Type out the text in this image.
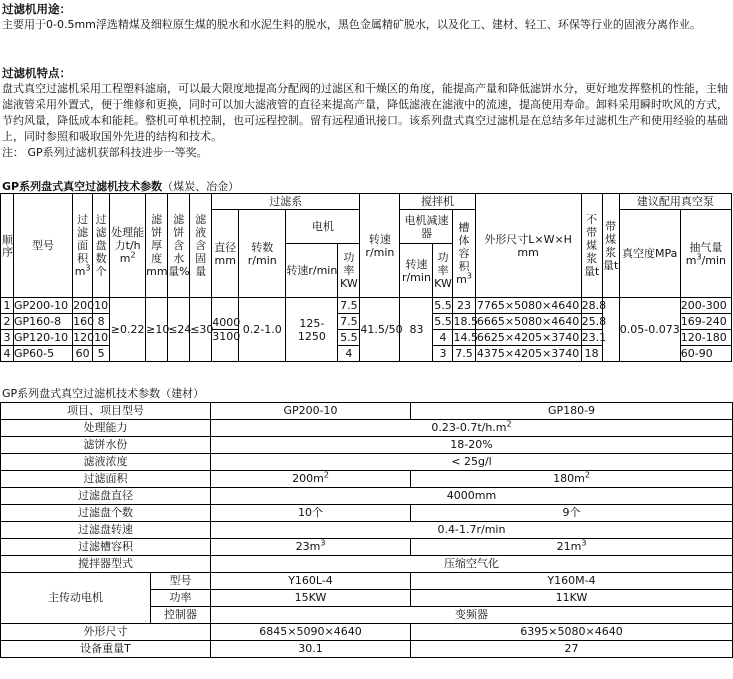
过滤机用途：

主要用于0-0.5mm浮选精煤及细粒原生煤的脱水和水泥生料的脱水，黑色金属精矿脱水，以及化工、建材、轻工、环保等行业的固液分离作业。

过滤机特点：

盘式真空过滤机采用工程塑料滤扇，可以最大限度地提高分配阀的过滤区和干燥区的角度，能提高产量和降低滤饼水分，更好地发挥整机的性能，主轴滤液管采用外置式，便于维修和更换，同时可以加大滤液管的直径来提高产量，降低滤液在滤液中的流速，提高使用寿命。卸料采用瞬时吹风的方式，节约风量，降低成本和能耗。整机可单机控制，也可远程控制。留有远程通讯接口。该系列盘式真空过滤机是在总结多年过滤机生产和使用经验的基础上，同时参照和吸取国外先进的结构和技术。

注： GP系列过滤机获部科技进步一等奖。

GP系列盘式真空过滤机技术参数（煤炭、冶金）
顺序	型号	过滤面积$m^3$	过滤盘数个	处理能力t/h $m^2$	滤饼厚度mm	滤饼含水量%	滤液含固量	过滤系				转速r/min	搅拌机			外形尺寸L×W×H mm	不带煤浆量t	带煤浆量t	建议配用真空泵	
								直径mm	转数r/min	电机			电机减速器		槽体容积$m^3$				真空度MPa	抽气量$m^3/\min$
										转速r/min	功率KW		转速r/min	功率KW						
1	GP200-10	200	10	≥0.22	≥10	≤24	≤30	4000	0.2-1.0	125-1250	7.5	41.5/50	83	5.5	23	7765×5080×4640	28.8		0.05-0.073	200-300
2	GP160-8	160	8								7.5			5.5	18.5	6665×5080×4640	25.8			169-240
3	GP120-10	120	10					3100			5.5			4	14.5	6625×4205×3740	23.1			120-180
4	GP60-5	60	5								4			3	7.5	4375×4205×3740	18			60-90
GP系列盘式真空过滤机技术参数（建材）
项目、项目型号		GP200-10	GP180-9
处理能力		$0.23-0.7t/h.m^2$
滤饼水份		18-20%	
滤液浓度		< 25g/l	
过滤面积		$200m^2$	$180m^2$
过滤盘直径		4000mm	
过滤盘个数		10个	9个
过滤盘转速		0.4-1.7r/min	
过滤槽容积		$23m^3$	$21m^3$
搅拌器型式		压缩空气化	
主传动电机	型号	Y160L-4	Y160M-4
	功率	15KW	11KW
	控制器	变频器	
外形尺寸		6845×5090×4640	6395×5080×4640
设备重量T		30.1	27
